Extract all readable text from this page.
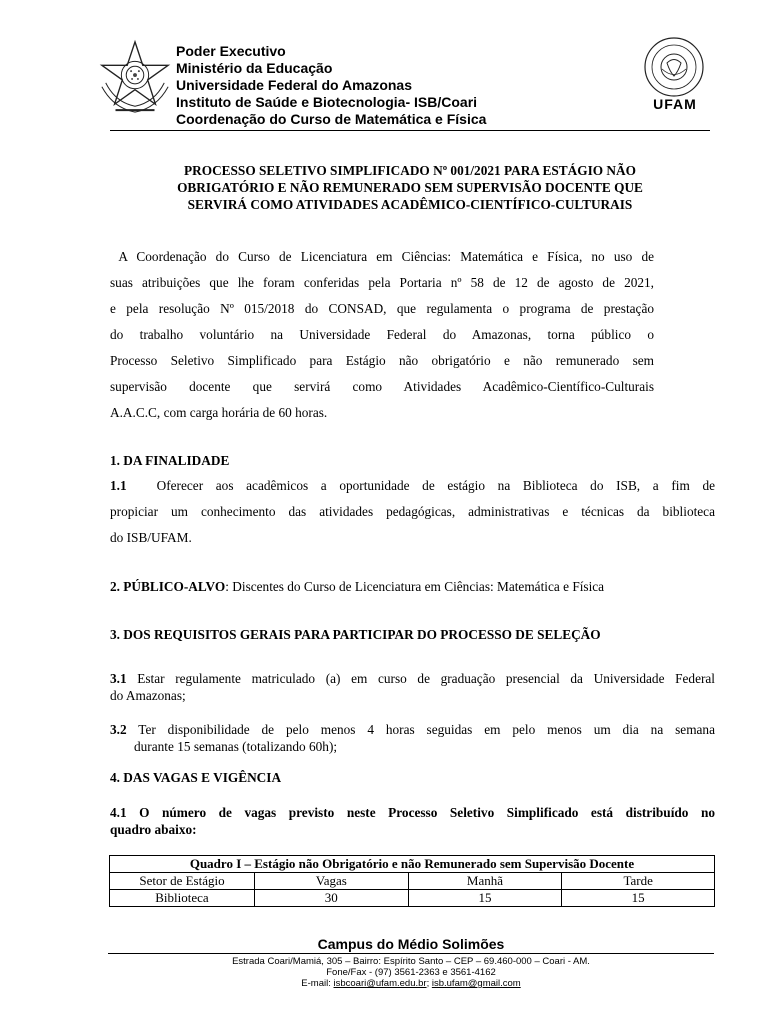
Poder Executivo
Ministério da Educação
Universidade Federal do Amazonas
Instituto de Saúde e Biotecnologia- ISB/Coari
Coordenação do Curso de Matemática e Física
UFAM
PROCESSO SELETIVO SIMPLIFICADO Nº 001/2021 PARA ESTÁGIO NÃO
OBRIGATÓRIO E NÃO REMUNERADO SEM SUPERVISÃO DOCENTE QUE
SERVIRÁ COMO ATIVIDADES ACADÊMICO-CIENTÍFICO-CULTURAIS
A Coordenação do Curso de Licenciatura em Ciências: Matemática e Física, no uso de
suas atribuições que lhe foram conferidas pela Portaria nº 58 de 12 de agosto de 2021,
e pela resolução Nº 015/2018 do CONSAD, que regulamenta o programa de prestação
do trabalho voluntário na Universidade Federal do Amazonas, torna público o
Processo Seletivo Simplificado para Estágio não obrigatório e não remunerado sem
supervisão docente que servirá como Atividades Acadêmico-Científico-Culturais
A.A.C.C, com carga horária de 60 horas.
1. DA FINALIDADE
1.1 Oferecer aos acadêmicos a oportunidade de estágio na Biblioteca do ISB, a fim de
propiciar um conhecimento das atividades pedagógicas, administrativas e técnicas da biblioteca
do ISB/UFAM.
2. PÚBLICO-ALVO: Discentes do Curso de Licenciatura em Ciências: Matemática e Física
3. DOS REQUISITOS GERAIS PARA PARTICIPAR DO PROCESSO DE SELEÇÃO
3.1 Estar regulamente matriculado (a) em curso de graduação presencial da Universidade Federal
do Amazonas;
3.2 Ter disponibilidade de pelo menos 4 horas seguidas em pelo menos um dia na semana
durante 15 semanas (totalizando 60h);
4. DAS VAGAS E VIGÊNCIA
4.1 O número de vagas previsto neste Processo Seletivo Simplificado está distribuído no
quadro abaixo:
Quadro I – Estágio não Obrigatório e não Remunerado sem Supervisão Docente			
Setor de Estágio	Vagas	Manhã	Tarde
Biblioteca	30	15	15
Campus do Médio Solimões
Estrada Coari/Mamiá, 305 – Bairro: Espírito Santo – CEP – 69.460-000 – Coari - AM.
Fone/Fax - (97) 3561-2363 e 3561-4162
E-mail: isbcoari@ufam.edu.br; isb.ufam@gmail.com
